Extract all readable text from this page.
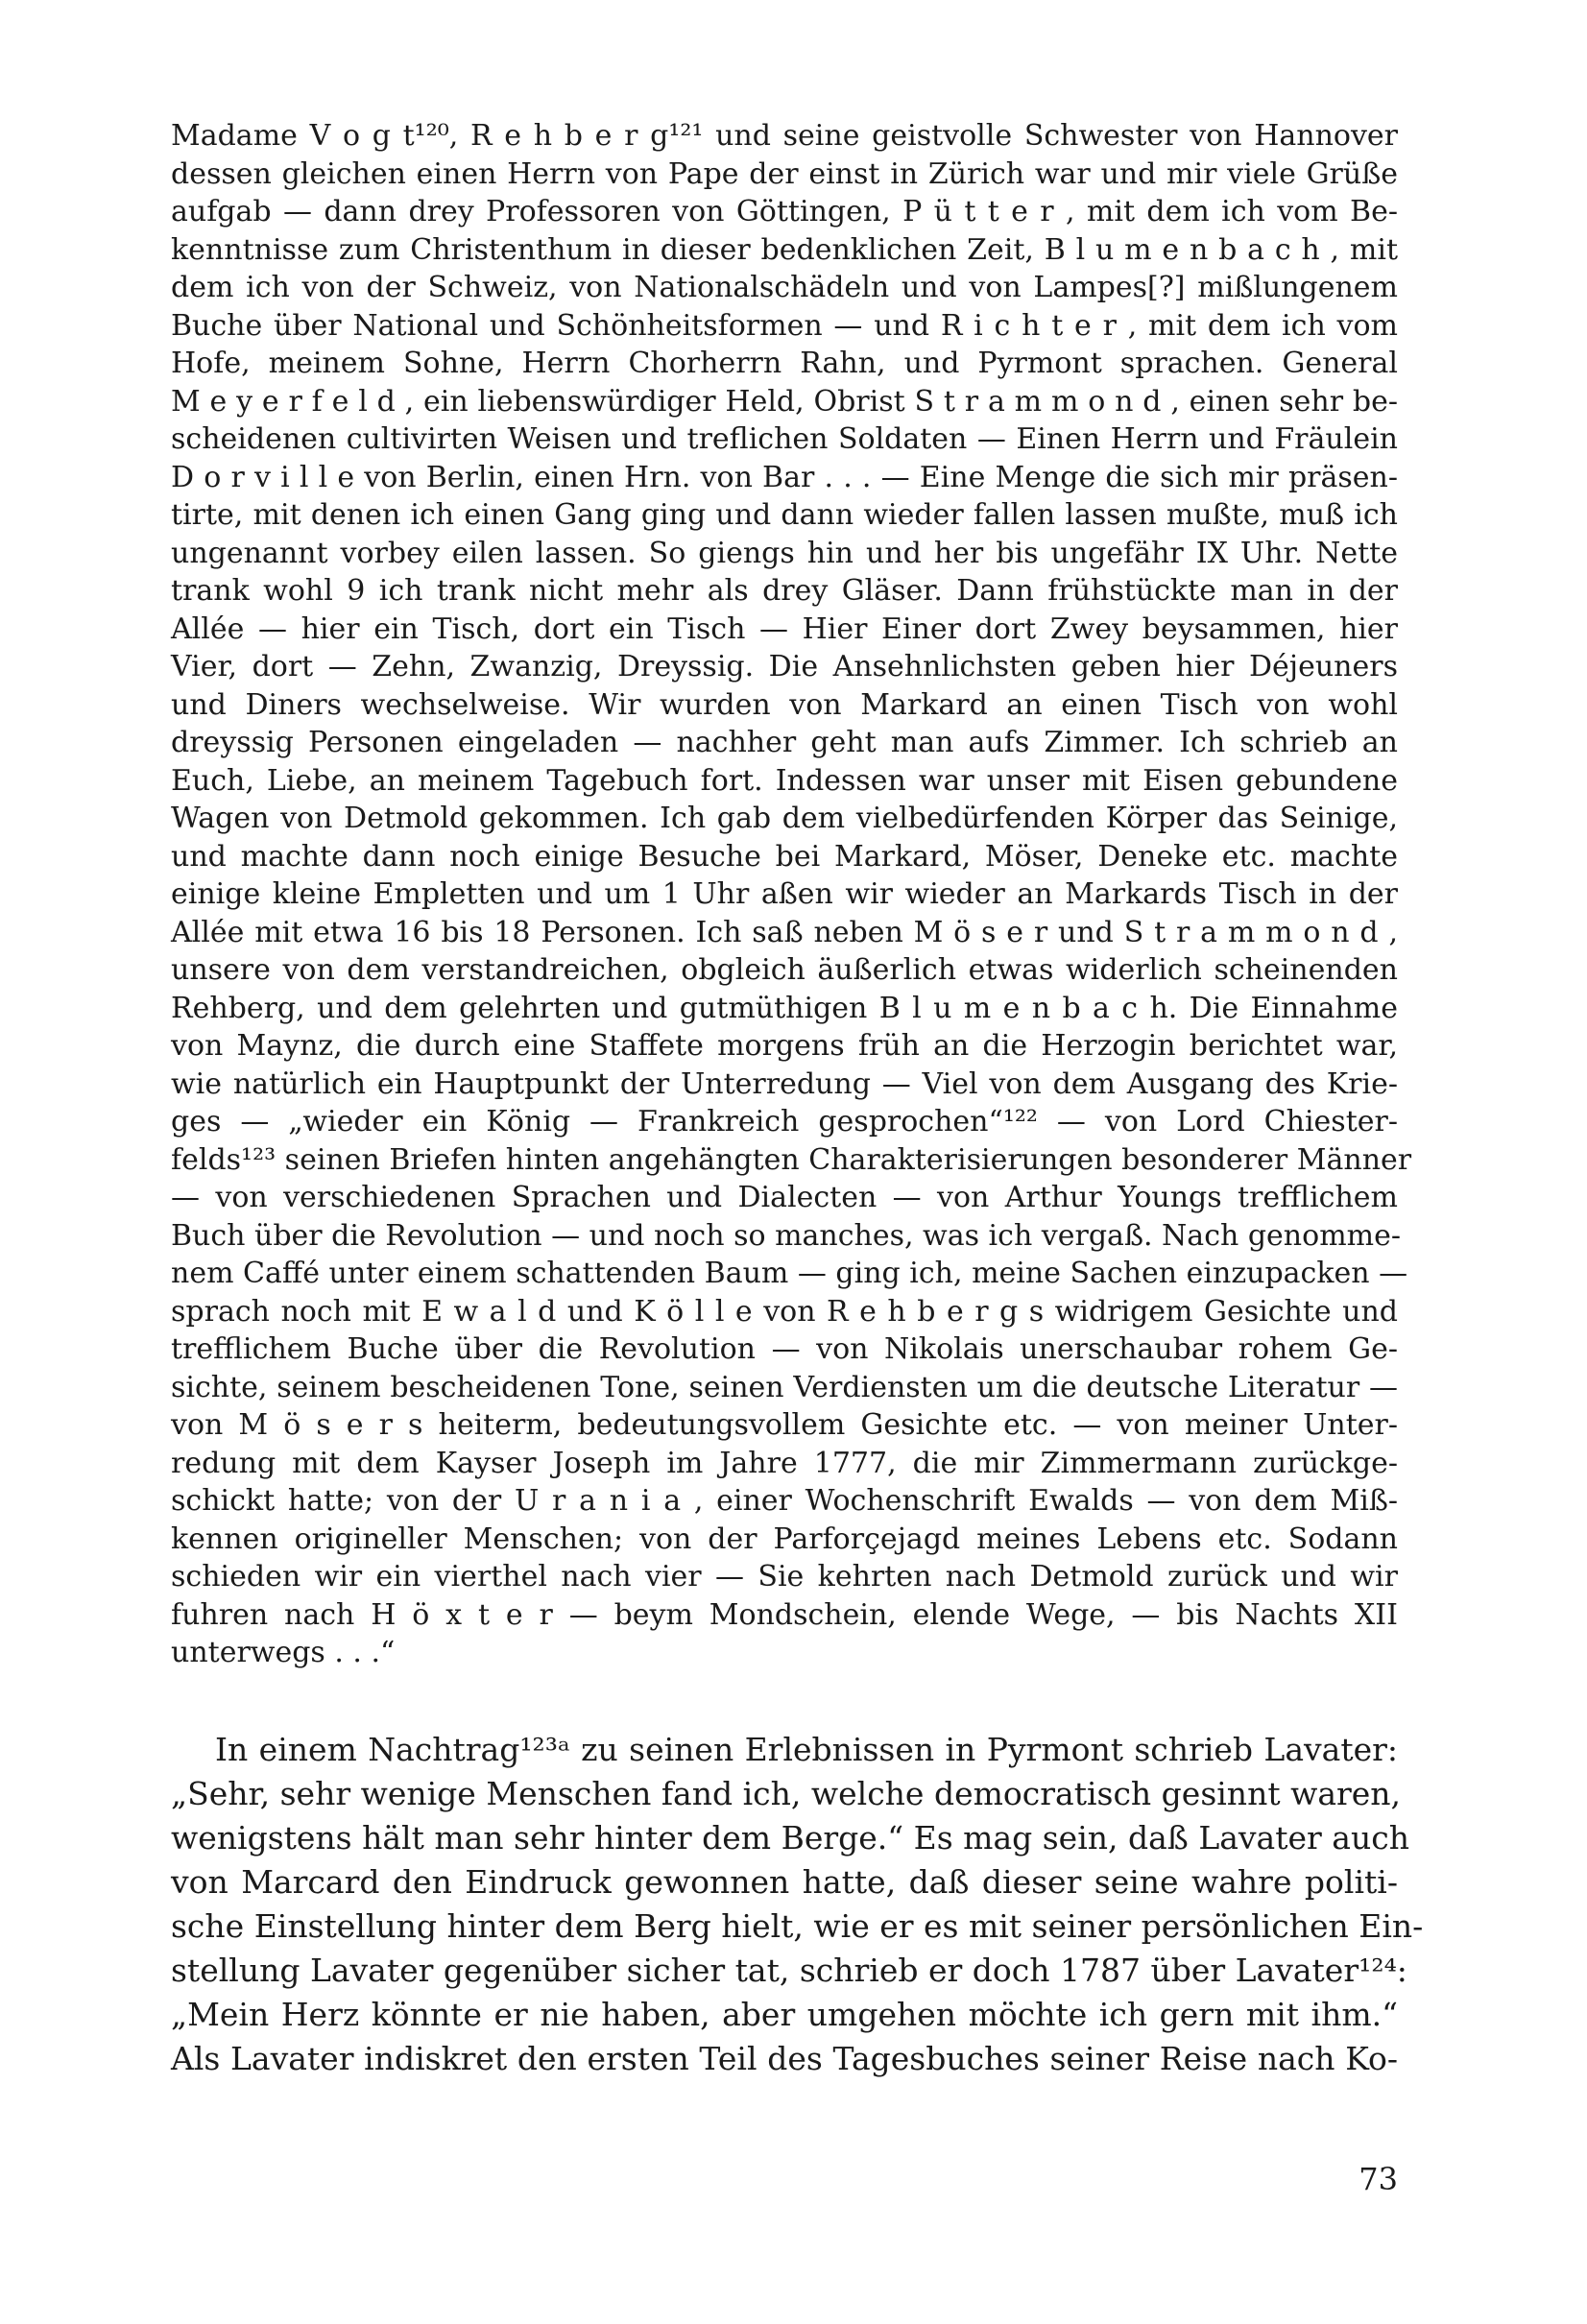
Madame V o g t¹²⁰, R e h b e r g¹²¹ und seine geistvolle Schwester von Hannover
dessen gleichen einen Herrn von Pape der einst in Zürich war und mir viele Grüße
aufgab — dann drey Professoren von Göttingen, P ü t t e r , mit dem ich vom Be-
kenntnisse zum Christenthum in dieser bedenklichen Zeit, B l u m e n b a c h , mit
dem ich von der Schweiz, von Nationalschädeln und von Lampes[?] mißlungenem
Buche über National und Schönheitsformen — und R i c h t e r , mit dem ich vom
Hofe, meinem Sohne, Herrn Chorherrn Rahn, und Pyrmont sprachen. General
M e y e r f e l d , ein liebenswürdiger Held, Obrist S t r a m m o n d , einen sehr be-
scheidenen cultivirten Weisen und treflichen Soldaten — Einen Herrn und Fräulein
D o r v i l l e von Berlin, einen Hrn. von Bar . . . — Eine Menge die sich mir präsen-
tirte, mit denen ich einen Gang ging und dann wieder fallen lassen mußte, muß ich
ungenannt vorbey eilen lassen. So giengs hin und her bis ungefähr IX Uhr. Nette
trank wohl 9 ich trank nicht mehr als drey Gläser. Dann frühstückte man in der
Allée — hier ein Tisch, dort ein Tisch — Hier Einer dort Zwey beysammen, hier
Vier, dort — Zehn, Zwanzig, Dreyssig. Die Ansehnlichsten geben hier Déjeuners
und Diners wechselweise. Wir wurden von Markard an einen Tisch von wohl
dreyssig Personen eingeladen — nachher geht man aufs Zimmer. Ich schrieb an
Euch, Liebe, an meinem Tagebuch fort. Indessen war unser mit Eisen gebundene
Wagen von Detmold gekommen. Ich gab dem vielbedürfenden Körper das Seinige,
und machte dann noch einige Besuche bei Markard, Möser, Deneke etc. machte
einige kleine Empletten und um 1 Uhr aßen wir wieder an Markards Tisch in der
Allée mit etwa 16 bis 18 Personen. Ich saß neben M ö s e r und S t r a m m o n d ,
unsere von dem verstandreichen, obgleich äußerlich etwas widerlich scheinenden
Rehberg, und dem gelehrten und gutmüthigen B l u m e n b a c h. Die Einnahme
von Maynz, die durch eine Staffete morgens früh an die Herzogin berichtet war,
wie natürlich ein Hauptpunkt der Unterredung — Viel von dem Ausgang des Krie-
ges — „wieder ein König — Frankreich gesprochen“¹²² — von Lord Chiester-
felds¹²³ seinen Briefen hinten angehängten Charakterisierungen besonderer Männer
— von verschiedenen Sprachen und Dialecten — von Arthur Youngs trefflichem
Buch über die Revolution — und noch so manches, was ich vergaß. Nach genomme-
nem Caffé unter einem schattenden Baum — ging ich, meine Sachen einzupacken —
sprach noch mit E w a l d und K ö l l e von R e h b e r g s widrigem Gesichte und
trefflichem Buche über die Revolution — von Nikolais unerschaubar rohem Ge-
sichte, seinem bescheidenen Tone, seinen Verdiensten um die deutsche Literatur —
von M ö s e r s heiterm, bedeutungsvollem Gesichte etc. — von meiner Unter-
redung mit dem Kayser Joseph im Jahre 1777, die mir Zimmermann zurückge-
schickt hatte; von der U r a n i a , einer Wochenschrift Ewalds — von dem Miß-
kennen origineller Menschen; von der Parforçejagd meines Lebens etc. Sodann
schieden wir ein vierthel nach vier — Sie kehrten nach Detmold zurück und wir
fuhren nach H ö x t e r — beym Mondschein, elende Wege, — bis Nachts XII
unterwegs . . .“
In einem Nachtrag¹²³ᵃ zu seinen Erlebnissen in Pyrmont schrieb Lavater:
„Sehr, sehr wenige Menschen fand ich, welche democratisch gesinnt waren,
wenigstens hält man sehr hinter dem Berge.“ Es mag sein, daß Lavater auch
von Marcard den Eindruck gewonnen hatte, daß dieser seine wahre politi-
sche Einstellung hinter dem Berg hielt, wie er es mit seiner persönlichen Ein-
stellung Lavater gegenüber sicher tat, schrieb er doch 1787 über Lavater¹²⁴:
„Mein Herz könnte er nie haben, aber umgehen möchte ich gern mit ihm.“
Als Lavater indiskret den ersten Teil des Tagesbuches seiner Reise nach Ko-
73
